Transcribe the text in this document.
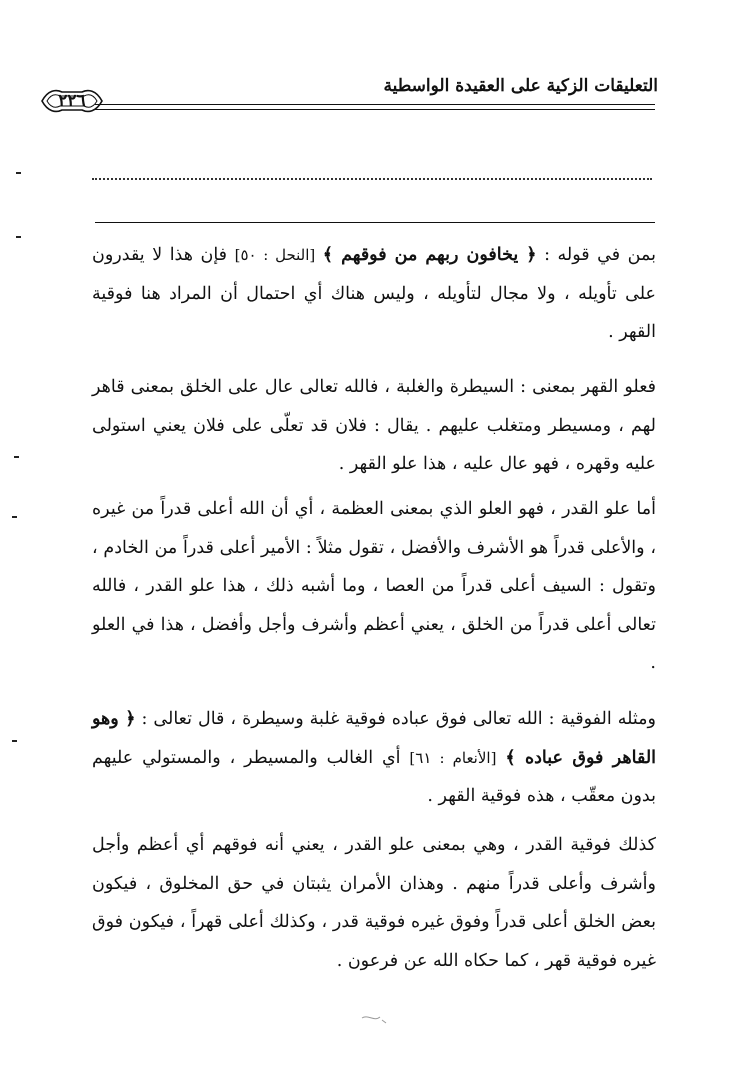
التعليقات الزكية على العقيدة الواسطية
٢٢٦
بمن في قوله : ﴿ يخافون ربهم من فوقهم ﴾ [النحل : ٥٠] فإن هذا لا يقدرون على تأويله ، ولا مجال لتأويله ، وليس هناك أي احتمال أن المراد هنا فوقية القهر .
فعلو القهر بمعنى : السيطرة والغلبة ، فالله تعالى عال على الخلق بمعنى قاهر لهم ، ومسيطر ومتغلب عليهم . يقال : فلان قد تعلّى على فلان يعني استولى عليه وقهره ، فهو عال عليه ، هذا علو القهر .
أما علو القدر ، فهو العلو الذي بمعنى العظمة ، أي أن الله أعلى قدراً من غيره ، والأعلى قدراً هو الأشرف والأفضل ، تقول مثلاً : الأمير أعلى قدراً من الخادم ، وتقول : السيف أعلى قدراً من العصا ، وما أشبه ذلك ، هذا علو القدر ، فالله تعالى أعلى قدراً من الخلق ، يعني أعظم وأشرف وأجل وأفضل ، هذا في العلو .
ومثله الفوقية : الله تعالى فوق عباده فوقية غلبة وسيطرة ، قال تعالى : ﴿ وهو القاهر فوق عباده ﴾ [الأنعام : ٦١] أي الغالب والمسيطر ، والمستولي عليهم بدون معقّب ، هذه فوقية القهر .
كذلك فوقية القدر ، وهي بمعنى علو القدر ، يعني أنه فوقهم أي أعظم وأجل وأشرف وأعلى قدراً منهم . وهذان الأمران يثبتان في حق المخلوق ، فيكون بعض الخلق أعلى قدراً وفوق غيره فوقية قدر ، وكذلك أعلى قهراً ، فيكون فوق غيره فوقية قهر ، كما حكاه الله عن فرعون .
